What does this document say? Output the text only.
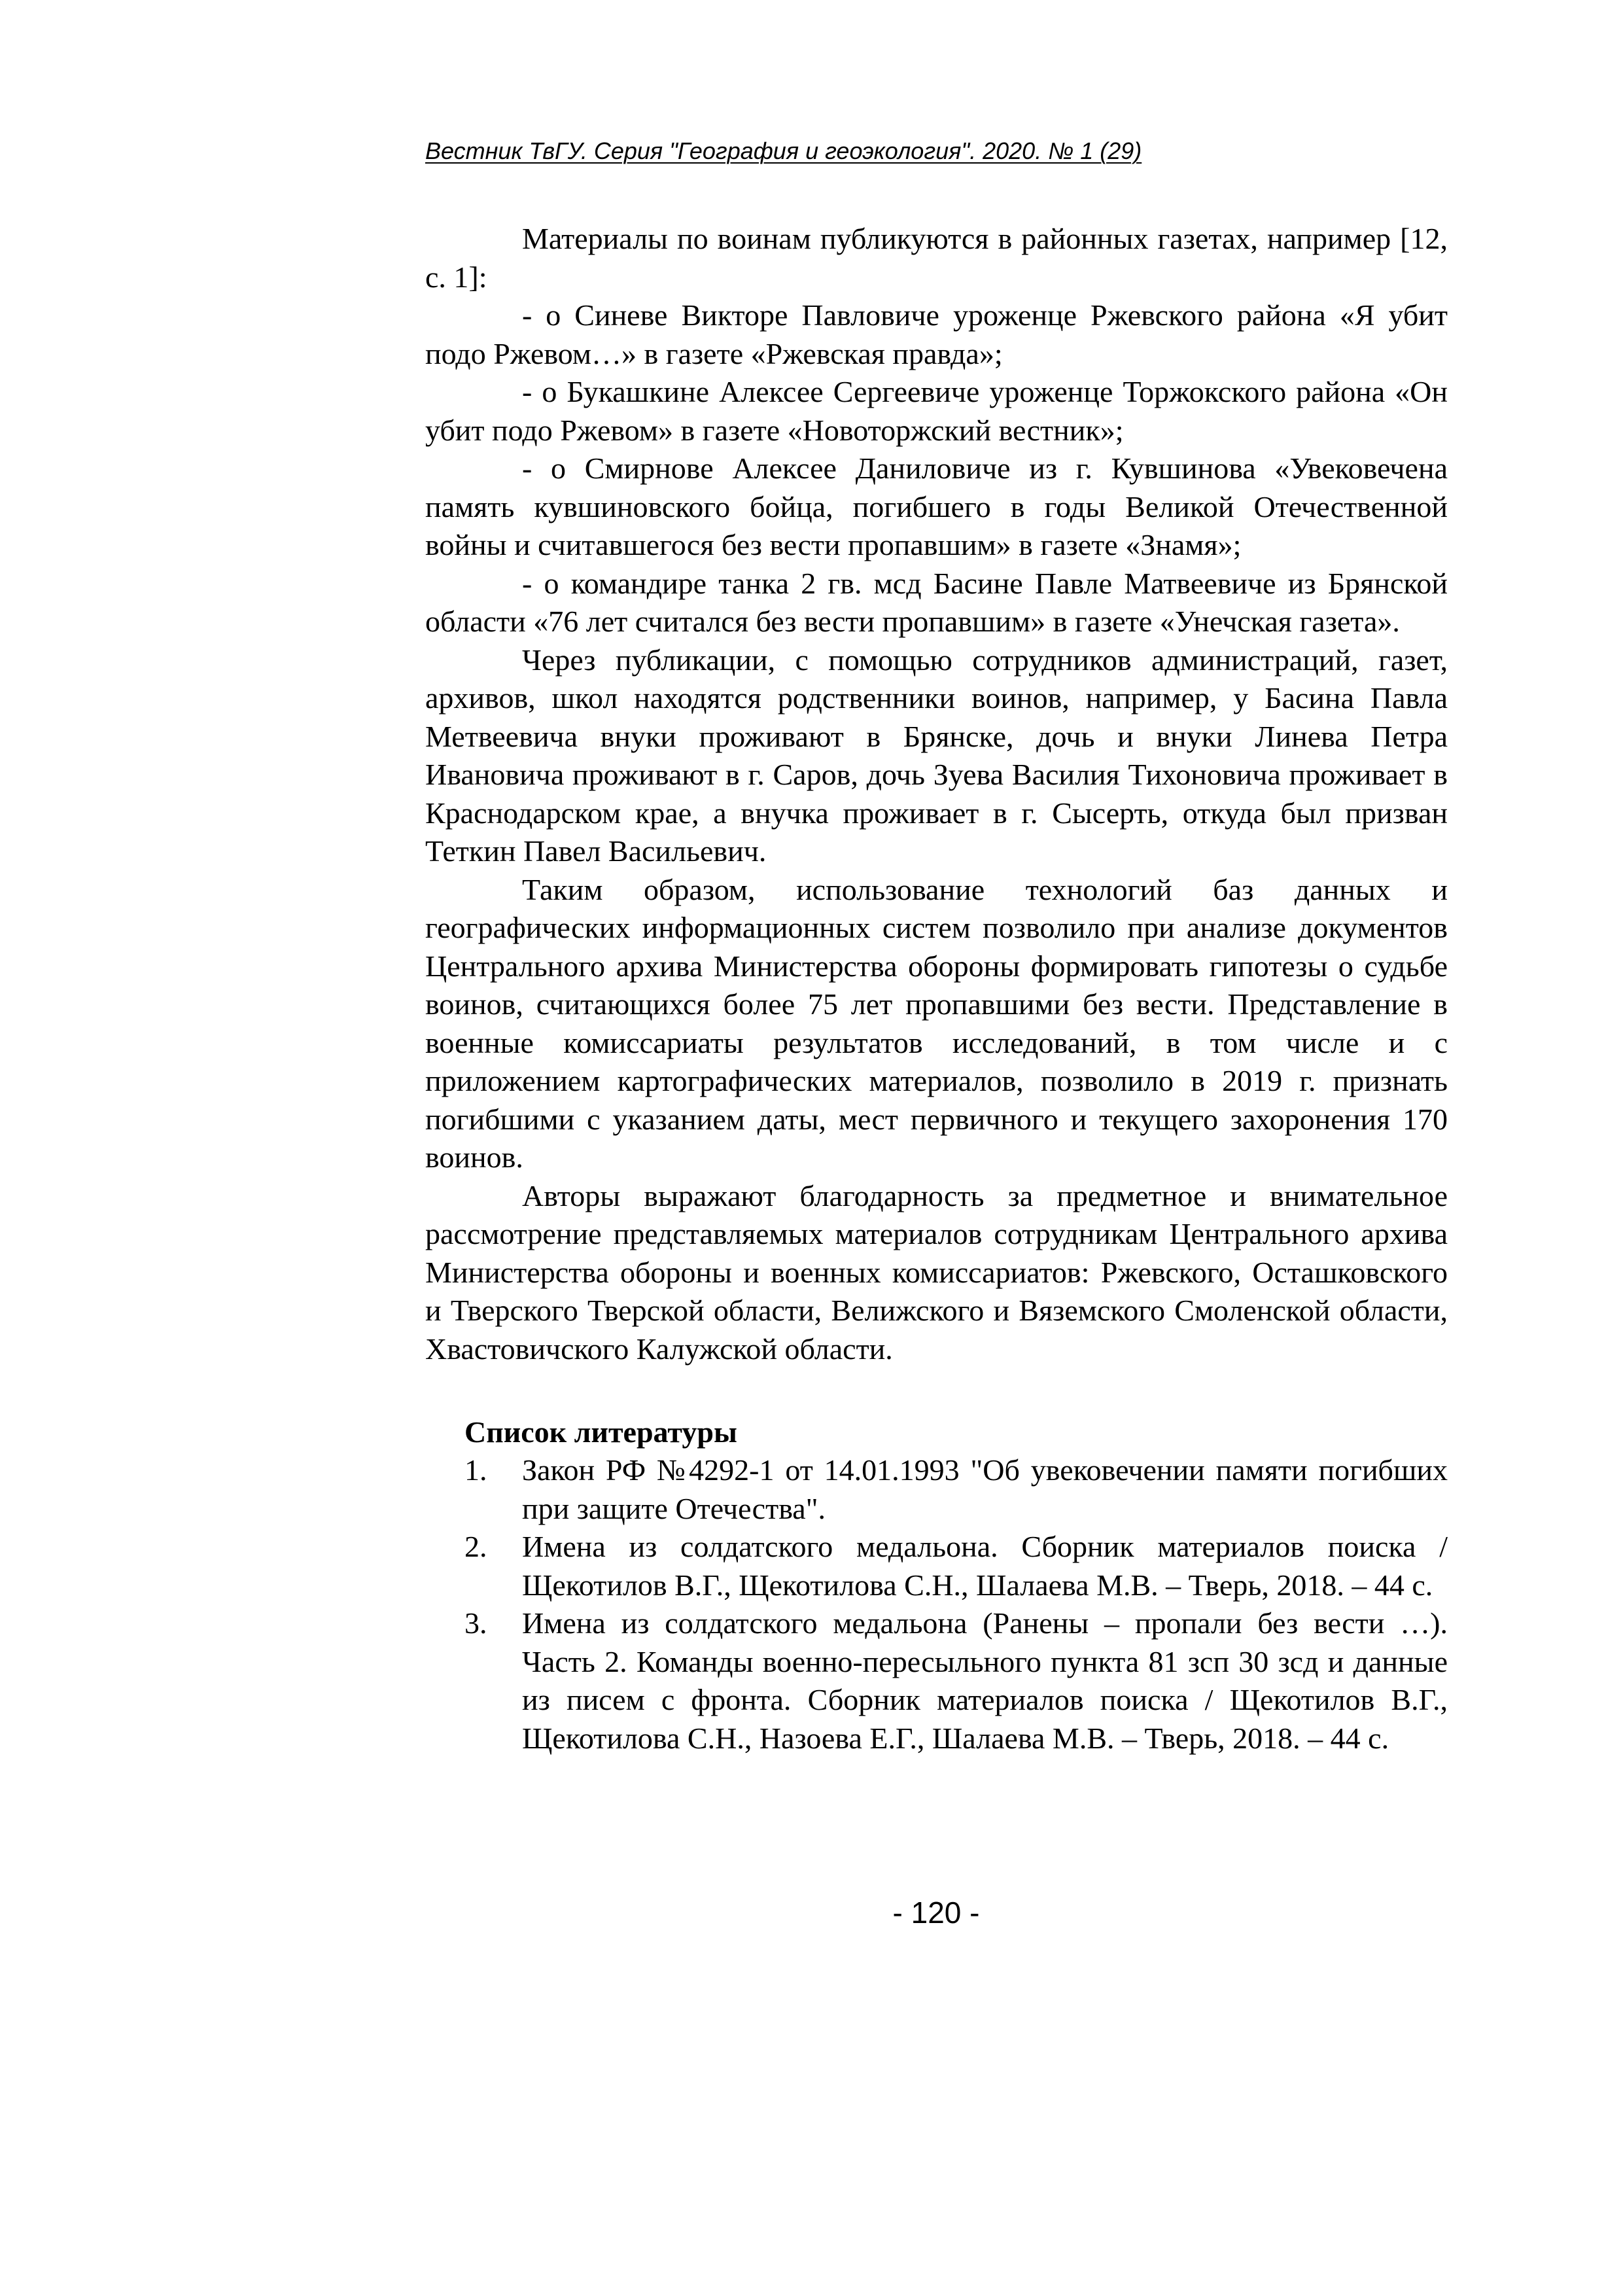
Вестник ТвГУ. Серия "География и геоэкология". 2020. № 1 (29)

Материалы по воинам публикуются в районных газетах, например [12, с. 1]:

- о Синеве Викторе Павловиче уроженце Ржевского района «Я убит подо Ржевом…» в газете «Ржевская правда»;

- о Букашкине Алексее Сергеевиче уроженце Торжокского района «Он убит подо Ржевом» в газете «Новоторжский вестник»;

- о Смирнове Алексее Даниловиче из г. Кувшинова «Увековечена память кувшиновского бойца, погибшего в годы Великой Отечественной войны и считавшегося без вести пропавшим» в газете «Знамя»;

- о командире танка 2 гв. мсд Басине Павле Матвеевиче из Брянской области «76 лет считался без вести пропавшим» в газете «Унечская газета».

Через публикации, с помощью сотрудников администраций, газет, архивов, школ находятся родственники воинов, например, у Басина Павла Метвеевича внуки проживают в Брянске, дочь и внуки Линева Петра Ивановича проживают в г. Саров, дочь Зуева Василия Тихоновича проживает в Краснодарском крае, а внучка проживает в г. Сысерть, откуда был призван Теткин Павел Васильевич.

Таким образом, использование технологий баз данных и географических информационных систем позволило при анализе документов Центрального архива Министерства обороны формировать гипотезы о судьбе воинов, считающихся более 75 лет пропавшими без вести. Представление в военные комиссариаты результатов исследований, в том числе и с приложением картографических материалов, позволило в 2019 г. признать погибшими с указанием даты, мест первичного и текущего захоронения 170 воинов.

Авторы выражают благодарность за предметное и внимательное рассмотрение представляемых материалов сотрудникам Центрального архива Министерства обороны и военных комиссариатов: Ржевского, Осташковского и Тверского Тверской области, Велижского и Вяземского Смоленской области, Хвастовичского Калужской области.

Список литературы
1. Закон РФ №4292-1 от 14.01.1993 "Об увековечении памяти погибших при защите Отечества".
2. Имена из солдатского медальона. Сборник материалов поиска / Щекотилов В.Г., Щекотилова С.Н., Шалаева М.В. – Тверь, 2018. – 44 с.
3. Имена из солдатского медальона (Ранены – пропали без вести …). Часть 2. Команды военно-пересыльного пункта 81 зсп 30 зсд и данные из писем с фронта. Сборник материалов поиска / Щекотилов В.Г., Щекотилова С.Н., Назоева Е.Г., Шалаева М.В. – Тверь, 2018. – 44 с.
- 120 -
